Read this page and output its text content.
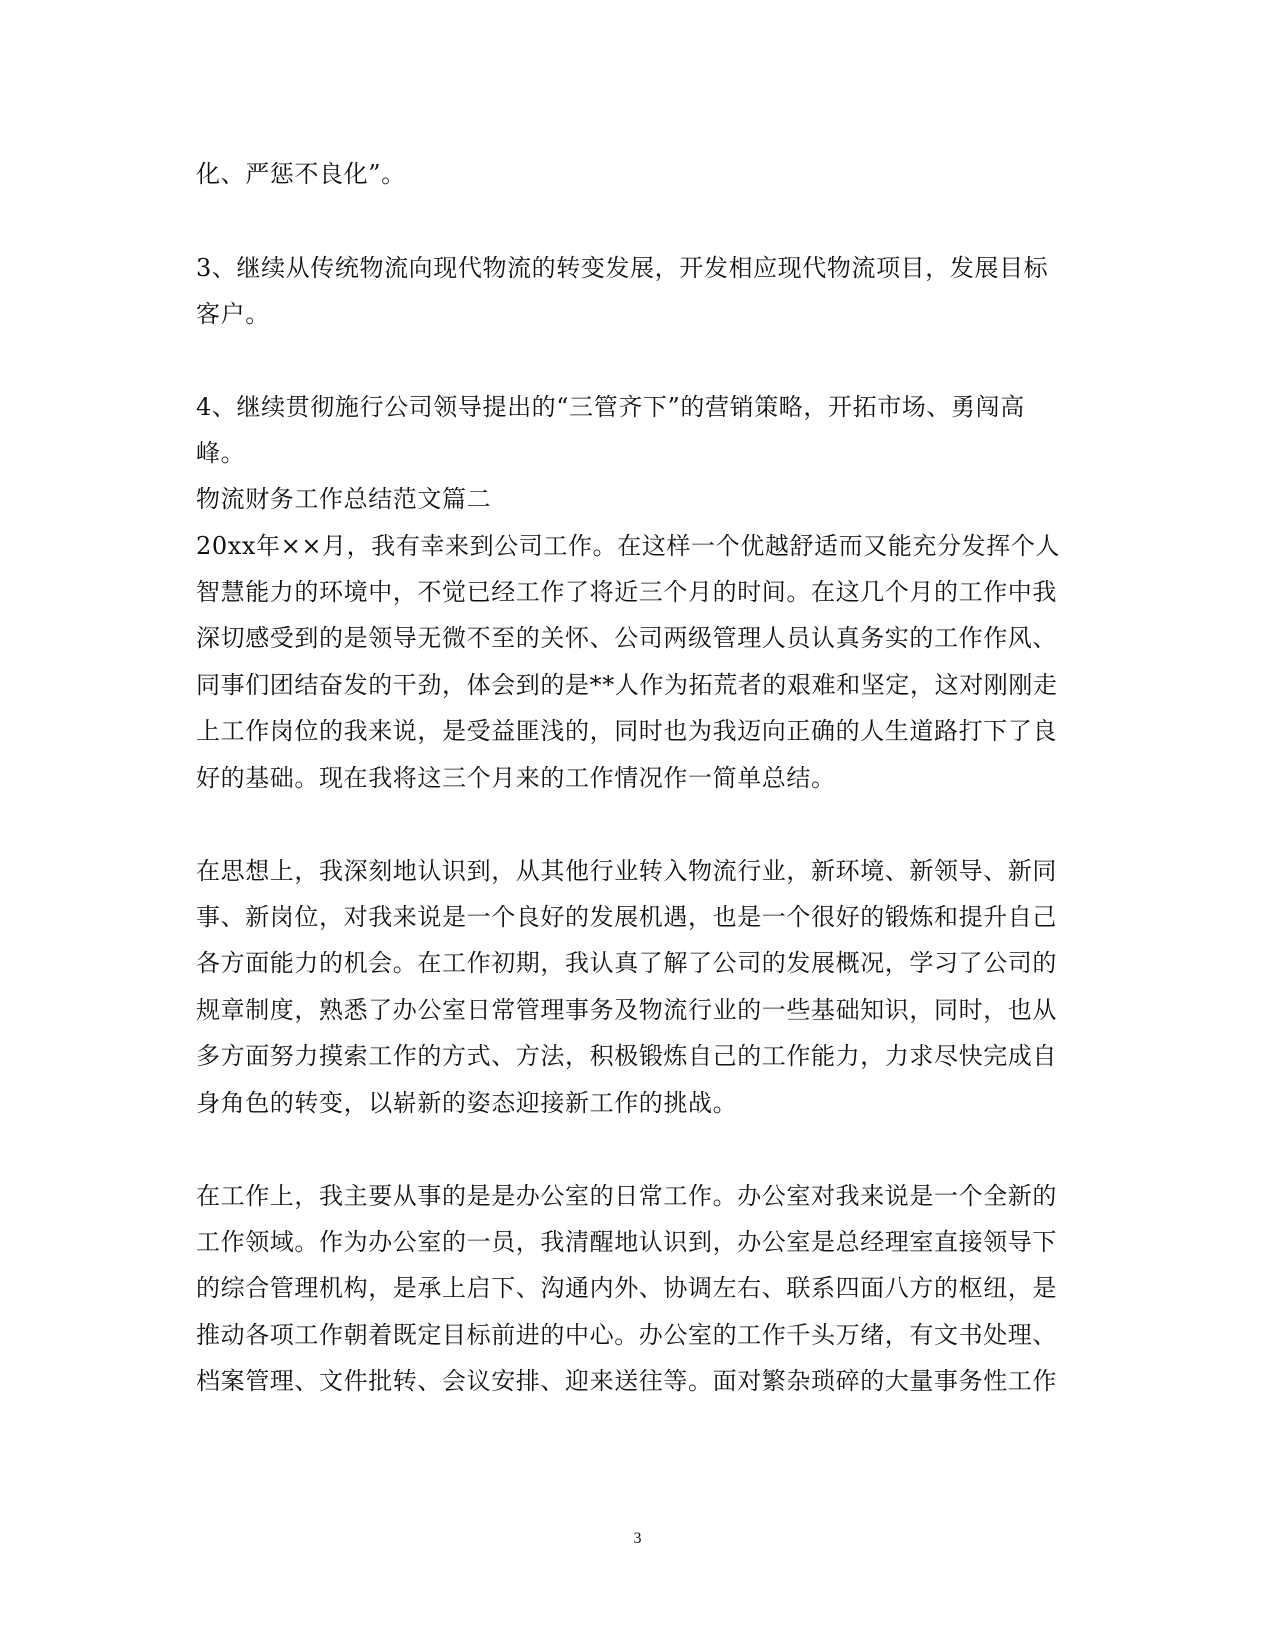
化、严惩不良化”。
3、继续从传统物流向现代物流的转变发展，开发相应现代物流项目，发展目标
客户。
4、继续贯彻施行公司领导提出的“三管齐下”的营销策略，开拓市场、勇闯高
峰。
物流财务工作总结范文篇二
20xx年××月，我有幸来到公司工作。在这样一个优越舒适而又能充分发挥个人
智慧能力的环境中，不觉已经工作了将近三个月的时间。在这几个月的工作中我
深切感受到的是领导无微不至的关怀、公司两级管理人员认真务实的工作作风、
同事们团结奋发的干劲，体会到的是**人作为拓荒者的艰难和坚定，这对刚刚走
上工作岗位的我来说，是受益匪浅的，同时也为我迈向正确的人生道路打下了良
好的基础。现在我将这三个月来的工作情况作一简单总结。
在思想上，我深刻地认识到，从其他行业转入物流行业，新环境、新领导、新同
事、新岗位，对我来说是一个良好的发展机遇，也是一个很好的锻炼和提升自己
各方面能力的机会。在工作初期，我认真了解了公司的发展概况，学习了公司的
规章制度，熟悉了办公室日常管理事务及物流行业的一些基础知识，同时，也从
多方面努力摸索工作的方式、方法，积极锻炼自己的工作能力，力求尽快完成自
身角色的转变，以崭新的姿态迎接新工作的挑战。
在工作上，我主要从事的是是办公室的日常工作。办公室对我来说是一个全新的
工作领域。作为办公室的一员，我清醒地认识到，办公室是总经理室直接领导下
的综合管理机构，是承上启下、沟通内外、协调左右、联系四面八方的枢纽，是
推动各项工作朝着既定目标前进的中心。办公室的工作千头万绪，有文书处理、
档案管理、文件批转、会议安排、迎来送往等。面对繁杂琐碎的大量事务性工作
3
